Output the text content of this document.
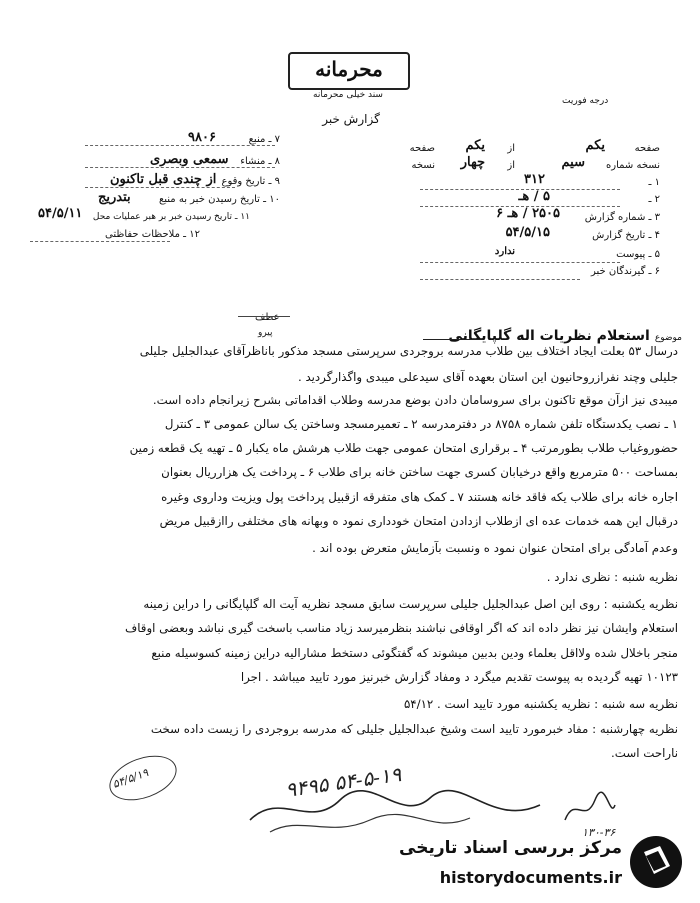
محرمانه
سند خیلی محرمانه
گزارش خبر
درجه فوریت
۷ ـ منبع
۹۸۰۶
۸ ـ منشاء
سمعی وبصری
۹ ـ تاریخ وقوع
از چندی قبل تاکنون
۱۰ ـ تاریخ رسیدن خبر به منبع
بتدریج
۱۱ ـ تاریخ رسیدن خبر بر هبر عملیات محل
۵۴/۵/۱۱
۱۲ ـ ملاحظات حفاظتی
صفحه
یکم
از
یکم
صفحه
نسخه شماره
سیم
از
چهار
نسخه
۱ ـ
۳۱۲
۲ ـ
۵ / هـ
۳ ـ شماره گزارش
۲۵۰۵ / هـ ۶
۴ ـ تاریخ گزارش
۵۴/۵/۱۵
۵ ـ پیوست
ندارد
۶ ـ گیرندگان خبر
عطف
پیرو	موضوع استعلام نظریات اله گلپایگانی
درسال ۵۳ بعلت ایجاد اختلاف بین طلاب مدرسه بروجردی سرپرستی مسجد مذکور باناظرآقای عبدالجلیل جلیلی
جلیلی وچند نفرازروحانیون این استان بعهده آقای سیدعلی میبدی واگذارگردید .
میبدی نیز ازآن موقع تاکنون برای سروسامان دادن بوضع مدرسه وطلاب اقداماتی بشرح زیرانجام داده است.
۱ ـ نصب یکدستگاه تلفن شماره ۸۷۵۸ در دفترمدرسه ۲ ـ تعمیرمسجد وساختن یک سالن عمومی ۳ ـ کنترل
حضوروغیاب طلاب بطورمرتب ۴ ـ برقراری امتحان عمومی جهت طلاب هرشش ماه یکبار ۵ ـ تهیه یک قطعه زمین
بمساحت ۵۰۰ مترمربع واقع درخیابان کسری جهت ساختن خانه برای طلاب ۶ ـ پرداخت یک هزارریال بعنوان
اجاره خانه برای طلاب یکه فاقد خانه هستند ۷ ـ کمک های متفرقه ازقبیل پرداخت پول ویزیت وداروی وغیره
درقبال این همه خدمات عده ای ازطلاب ازدادن امتحان خودداری نمود ه وبهانه های مختلفی راازقبیل مریض
وعدم آمادگی برای امتحان عنوان نمود ه ونسبت بآزمایش متعرض بوده اند .
نظریه شنبه : نظری ندارد .
نظریه یکشنبه : روی این اصل عبدالجلیل جلیلی سرپرست سابق مسجد نظریه آیت اله گلپایگانی را دراین زمینه
استعلام وایشان نیز نظر داده اند که اگر اوقافی نباشند بنظرمیرسد زیاد مناسب باسخت گیری نباشد وبعضی اوقاف
منجر باخلال شده ولااقل بعلماء ودین بدبین میشوند که گفتگوئی دستخط مشاراليه دراین زمینه کسوسیله منبع
۱۰۱۲۳ تهیه گردیده به پیوست تقدیم میگرد د ومفاد گزارش خبرنیز مورد تایید میباشد . اجرا
نظریه سه شنبه : نظریه یکشنبه مورد تایید است . ۵۴/۱۲
نظریه چهارشنبه : مفاد خبرمورد تایید است وشیخ عبدالجلیل جلیلی که مدرسه بروجردی را زیست داده سخت
ناراحت است.
۵۴/۵/۱۹	۹۴۹۵ ۵۴-۵-۱۹
۱۳۰-۳۶
مرکز بررسی اسناد تاریخی
historydocuments.ir
